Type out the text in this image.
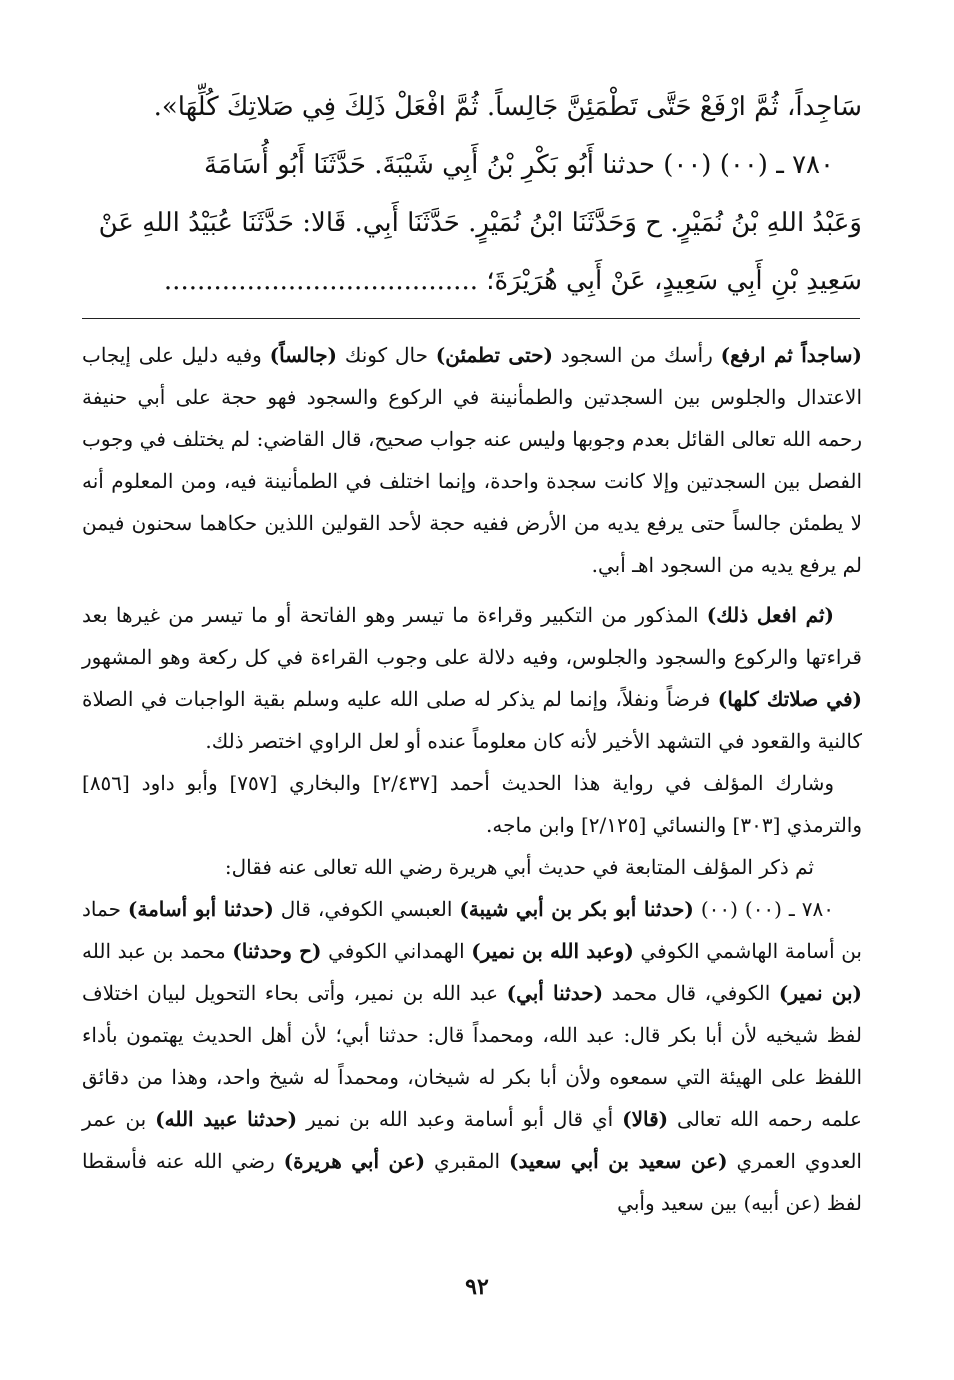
سَاجِداً، ثُمَّ ارْفَعْ حَتَّى تَطْمَئِنَّ جَالِساً. ثُمَّ افْعَلْ ذَلِكَ فِي صَلاتِكَ كُلِّهَا».

٧٨٠ ـ (٠٠) (٠٠) حدثنا أَبُو بَكْرِ بْنُ أَبِي شَيْبَةَ. حَدَّثَنَا أَبُو أُسَامَةَ

وَعَبْدُ اللهِ بْنُ نُمَيْرٍ. ح وَحَدَّثَنَا ابْنُ نُمَيْرٍ. حَدَّثَنَا أَبِي. قَالا: حَدَّثَنَا عُبَيْدُ اللهِ عَنْ

سَعِيدِ بْنِ أَبِي سَعِيدٍ، عَنْ أَبِي هُرَيْرَةَ؛ ......................................

(ساجداً ثم ارفع) رأسك من السجود (حتى تطمئن) حال كونك (جالساً) وفيه دليل على إيجاب الاعتدال والجلوس بين السجدتين والطمأنينة في الركوع والسجود فهو حجة على أبي حنيفة رحمه الله تعالى القائل بعدم وجوبها وليس عنه جواب صحيح، قال القاضي: لم يختلف في وجوب الفصل بين السجدتين وإلا كانت سجدة واحدة، وإنما اختلف في الطمأنينة فيه، ومن المعلوم أنه لا يطمئن جالساً حتى يرفع يديه من الأرض ففيه حجة لأحد القولين اللذين حكاهما سحنون فيمن لم يرفع يديه من السجود اهـ أبي.

(ثم افعل ذلك) المذكور من التكبير وقراءة ما تيسر وهو الفاتحة أو ما تيسر من غيرها بعد قراءتها والركوع والسجود والجلوس، وفيه دلالة على وجوب القراءة في كل ركعة وهو المشهور (في صلاتك كلها) فرضاً ونفلاً، وإنما لم يذكر له صلى الله عليه وسلم بقية الواجبات في الصلاة كالنية والقعود في التشهد الأخير لأنه كان معلوماً عنده أو لعل الراوي اختصر ذلك.

وشارك المؤلف في رواية هذا الحديث أحمد [٢/٤٣٧] والبخاري [٧٥٧] وأبو داود [٨٥٦] والترمذي [٣٠٣] والنسائي [٢/١٢٥] وابن ماجه.

ثم ذكر المؤلف المتابعة في حديث أبي هريرة رضي الله تعالى عنه فقال:

٧٨٠ ـ (٠٠) (٠٠) (حدثنا أبو بكر بن أبي شيبة) العبسي الكوفي، قال (حدثنا أبو أسامة) حماد بن أسامة الهاشمي الكوفي (وعبد الله بن نمير) الهمداني الكوفي (ح وحدثنا) محمد بن عبد الله (بن نمير) الكوفي، قال محمد (حدثنا أبي) عبد الله بن نمير، وأتى بحاء التحويل لبيان اختلاف لفظ شيخيه لأن أبا بكر قال: عبد الله، ومحمداً قال: حدثنا أبي؛ لأن أهل الحديث يهتمون بأداء اللفظ على الهيئة التي سمعوه ولأن أبا بكر له شيخان، ومحمداً له شيخ واحد، وهذا من دقائق علمه رحمه الله تعالى (قالا) أي قال أبو أسامة وعبد الله بن نمير (حدثنا عبيد الله) بن عمر العدوي العمري (عن سعيد بن أبي سعيد) المقبري (عن أبي هريرة) رضي الله عنه فأسقطا لفظ (عن أبيه) بين سعيد وأبي

٩٢
